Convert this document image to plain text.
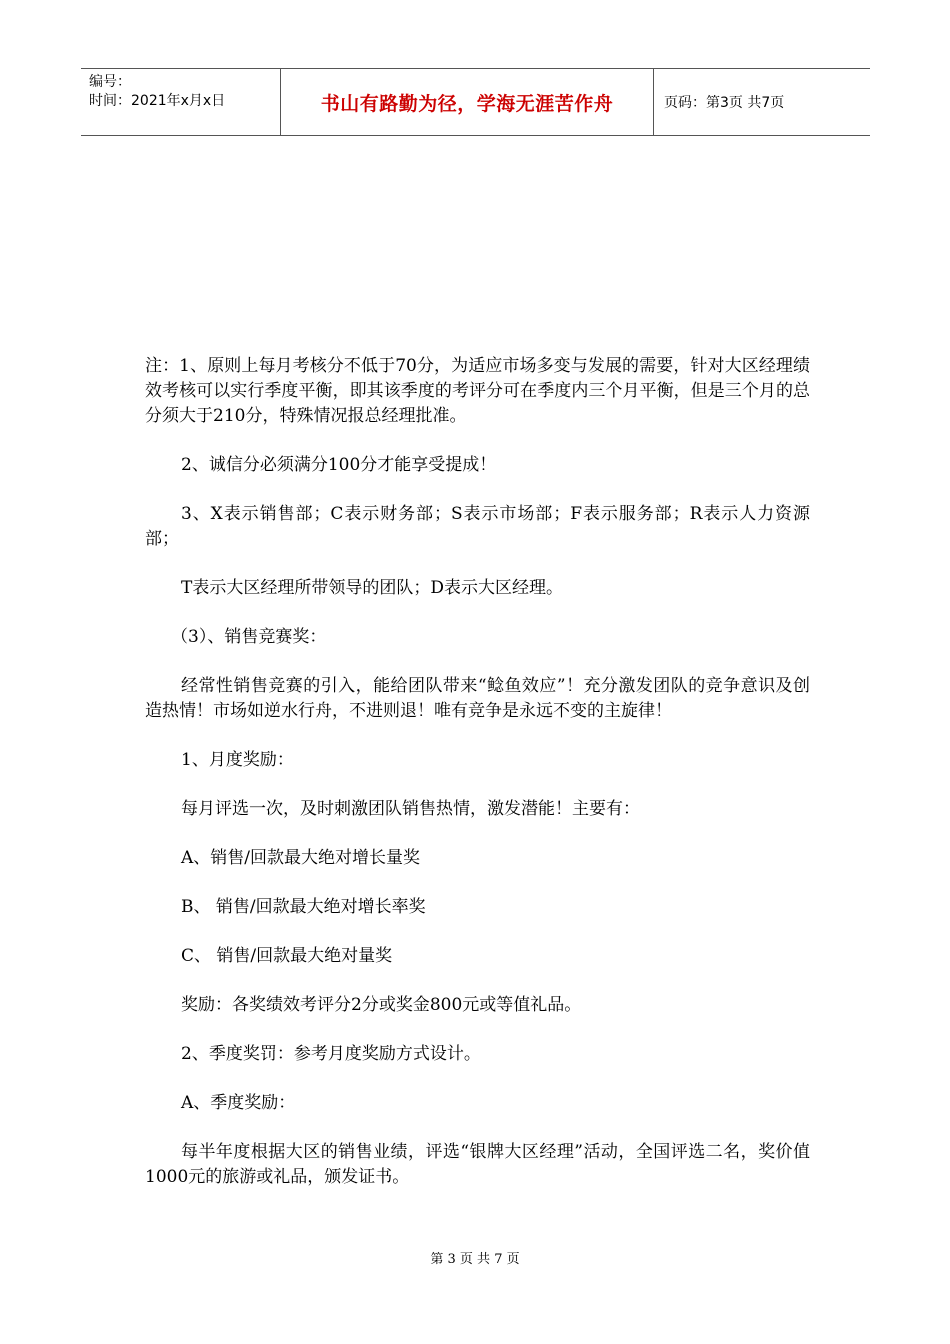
编号：
时间：2021年x月x日	书山有路勤为径，学海无涯苦作舟	页码：第3页 共7页

注：1、原则上每月考核分不低于70分，为适应市场多变与发展的需要，针对大区经理绩效考核可以实行季度平衡，即其该季度的考评分可在季度内三个月平衡，但是三个月的总分须大于210分，特殊情况报总经理批准。

2、诚信分必须满分100分才能享受提成！

3、X表示销售部；C表示财务部；S表示市场部；F表示服务部；R表示人力资源部；

T表示大区经理所带领导的团队；D表示大区经理。

（3）、销售竞赛奖：

经常性销售竞赛的引入，能给团队带来“鲶鱼效应”！充分激发团队的竞争意识及创造热情！市场如逆水行舟，不进则退！唯有竞争是永远不变的主旋律！

1、月度奖励：

每月评选一次，及时刺激团队销售热情，激发潜能！主要有：

A、销售/回款最大绝对增长量奖

B、 销售/回款最大绝对增长率奖

C、 销售/回款最大绝对量奖

奖励：各奖绩效考评分2分或奖金800元或等值礼品。

2、季度奖罚：参考月度奖励方式设计。

A、季度奖励：

每半年度根据大区的销售业绩，评选“银牌大区经理”活动，全国评选二名，奖价值1000元的旅游或礼品，颁发证书。

第 3 页 共 7 页
